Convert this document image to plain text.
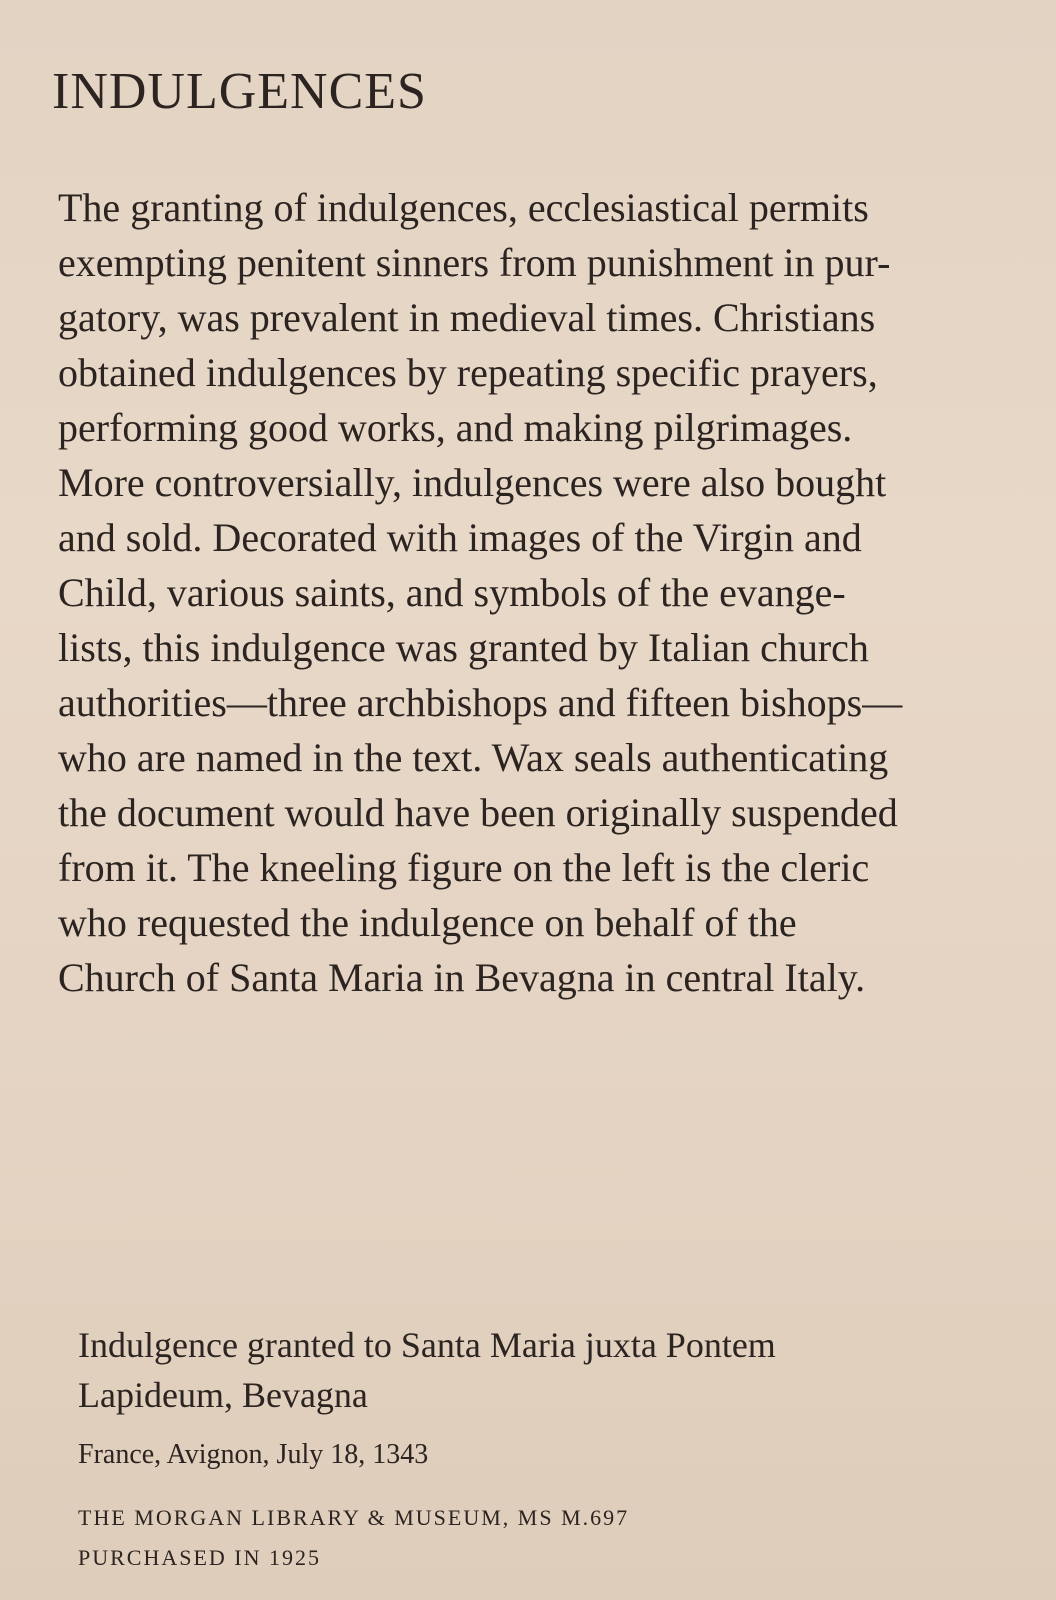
INDULGENCES

The granting of indulgences, ecclesiastical permits
exempting penitent sinners from punishment in pur-
gatory, was prevalent in medieval times. Christians
obtained indulgences by repeating specific prayers,
performing good works, and making pilgrimages.
More controversially, indulgences were also bought
and sold. Decorated with images of the Virgin and
Child, various saints, and symbols of the evange-
lists, this indulgence was granted by Italian church
authorities—three archbishops and fifteen bishops—
who are named in the text. Wax seals authenticating
the document would have been originally suspended
from it. The kneeling figure on the left is the cleric
who requested the indulgence on behalf of the
Church of Santa Maria in Bevagna in central Italy.

Indulgence granted to Santa Maria juxta Pontem
Lapideum, Bevagna

France, Avignon, July 18, 1343

THE MORGAN LIBRARY & MUSEUM, MS M.697
PURCHASED IN 1925
